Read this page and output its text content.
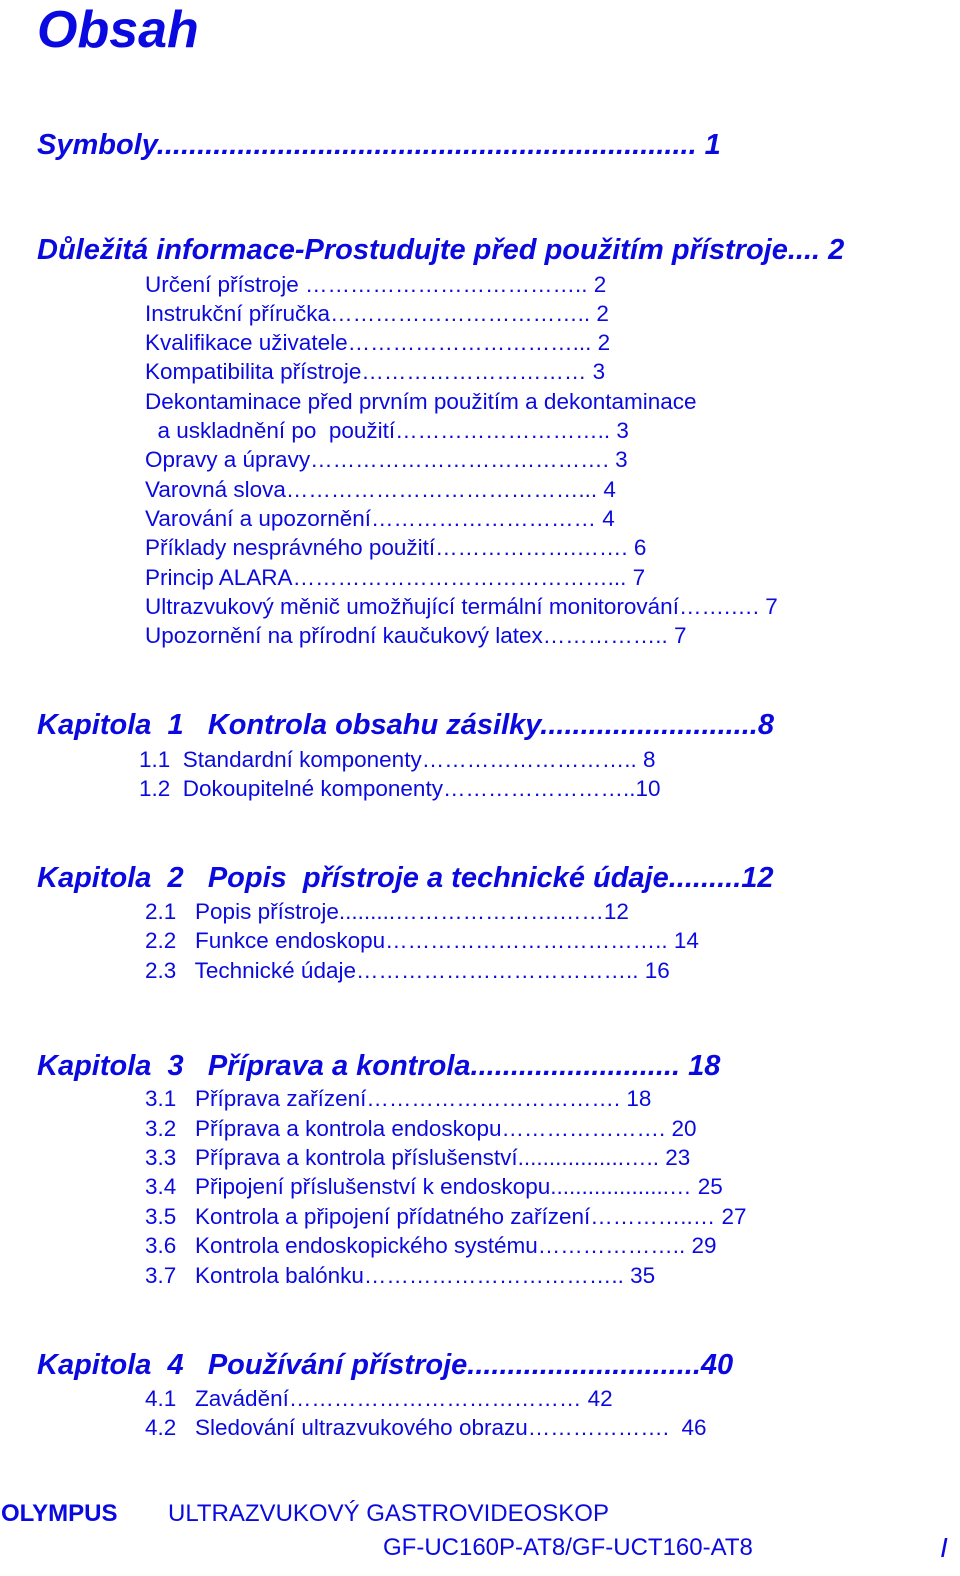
Obsah
Symboly................................................................... 1
Důležitá informace-Prostudujte před použitím přístroje.... 2
Určení přístroje ……………………………….. 2
Instrukční příručka…………………………….. 2
Kvalifikace uživatele…………………………... 2
Kompatibilita přístroje………………………… 3
Dekontaminace před prvním použitím a dekontaminace
a uskladnění po  použití……………………….. 3
Opravy a úpravy…………………………………. 3
Varovná slova…………………………………... 4
Varování a upozornění………………………… 4
Příklady nesprávného použití……………….……. 6
Princip ALARA……………………………………... 7
Ultrazvukový měnič umožňující termální monitorování…….…. 7
Upozornění na přírodní kaučukový latex…………….. 7
Kapitola  1   Kontrola obsahu zásilky...........................8
1.1  Standardní komponenty……………………….. 8
1.2  Dokoupitelné komponenty……………………..10
Kapitola  2   Popis  přístroje a technické údaje.........12
2.1   Popis přístroje.........………………….……12
2.2   Funkce endoskopu……………………………….. 14
2.3   Technické údaje……………………………….. 16
Kapitola  3   Příprava a kontrola.......................... 18
3.1   Příprava zařízení……………………………. 18
3.2   Příprava a kontrola endoskopu…………………. 20
3.3   Příprava a kontrola příslušenství.................….. 23
3.4   Připojení příslušenství k endoskopu...................… 25
3.5   Kontrola a připojení přídatného zařízení…………..… 27
3.6   Kontrola endoskopického systému……………….. 29
3.7   Kontrola balónku…………………………….. 35
Kapitola  4   Používání přístroje.............................40
4.1   Zavádění………………………………… 42
4.2   Sledování ultrazvukového obrazu……………….  46
OLYMPUS ULTRAZVUKOVÝ GASTROVIDEOSKOP
GF-UC160P-AT8/GF-UCT160-AT8	I
